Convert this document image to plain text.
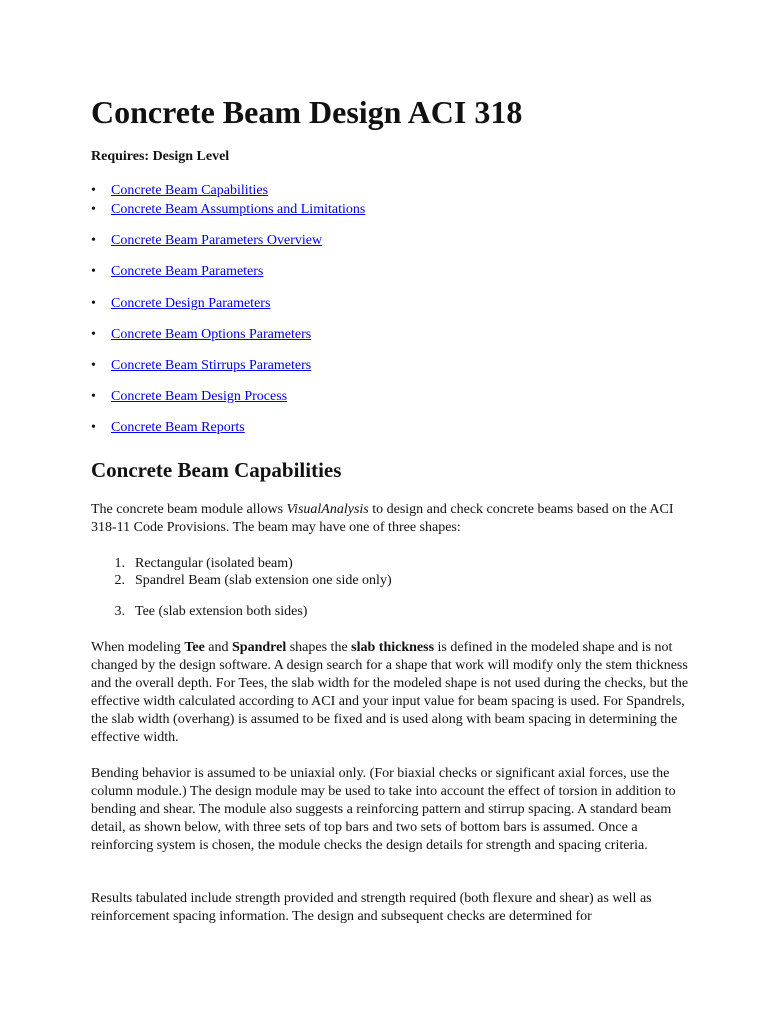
Concrete Beam Design ACI 318

Requires: Design Level

• Concrete Beam Capabilities
• Concrete Beam Assumptions and Limitations
• Concrete Beam Parameters Overview
• Concrete Beam Parameters
• Concrete Design Parameters
• Concrete Beam Options Parameters
• Concrete Beam Stirrups Parameters
• Concrete Beam Design Process
• Concrete Beam Reports
Concrete Beam Capabilities

The concrete beam module allows VisualAnalysis to design and check concrete beams based on the ACI 318-11 Code Provisions. The beam may have one of three shapes:

1. Rectangular (isolated beam)
2. Spandrel Beam (slab extension one side only)
3. Tee (slab extension both sides)

When modeling Tee and Spandrel shapes the slab thickness is defined in the modeled shape and is not changed by the design software. A design search for a shape that work will modify only the stem thickness and the overall depth. For Tees, the slab width for the modeled shape is not used during the checks, but the effective width calculated according to ACI and your input value for beam spacing is used. For Spandrels, the slab width (overhang) is assumed to be fixed and is used along with beam spacing in determining the effective width.

Bending behavior is assumed to be uniaxial only. (For biaxial checks or significant axial forces, use the column module.) The design module may be used to take into account the effect of torsion in addition to bending and shear. The module also suggests a reinforcing pattern and stirrup spacing. A standard beam detail, as shown below, with three sets of top bars and two sets of bottom bars is assumed. Once a reinforcing system is chosen, the module checks the design details for strength and spacing criteria.

Results tabulated include strength provided and strength required (both flexure and shear) as well as reinforcement spacing information. The design and subsequent checks are determined for
